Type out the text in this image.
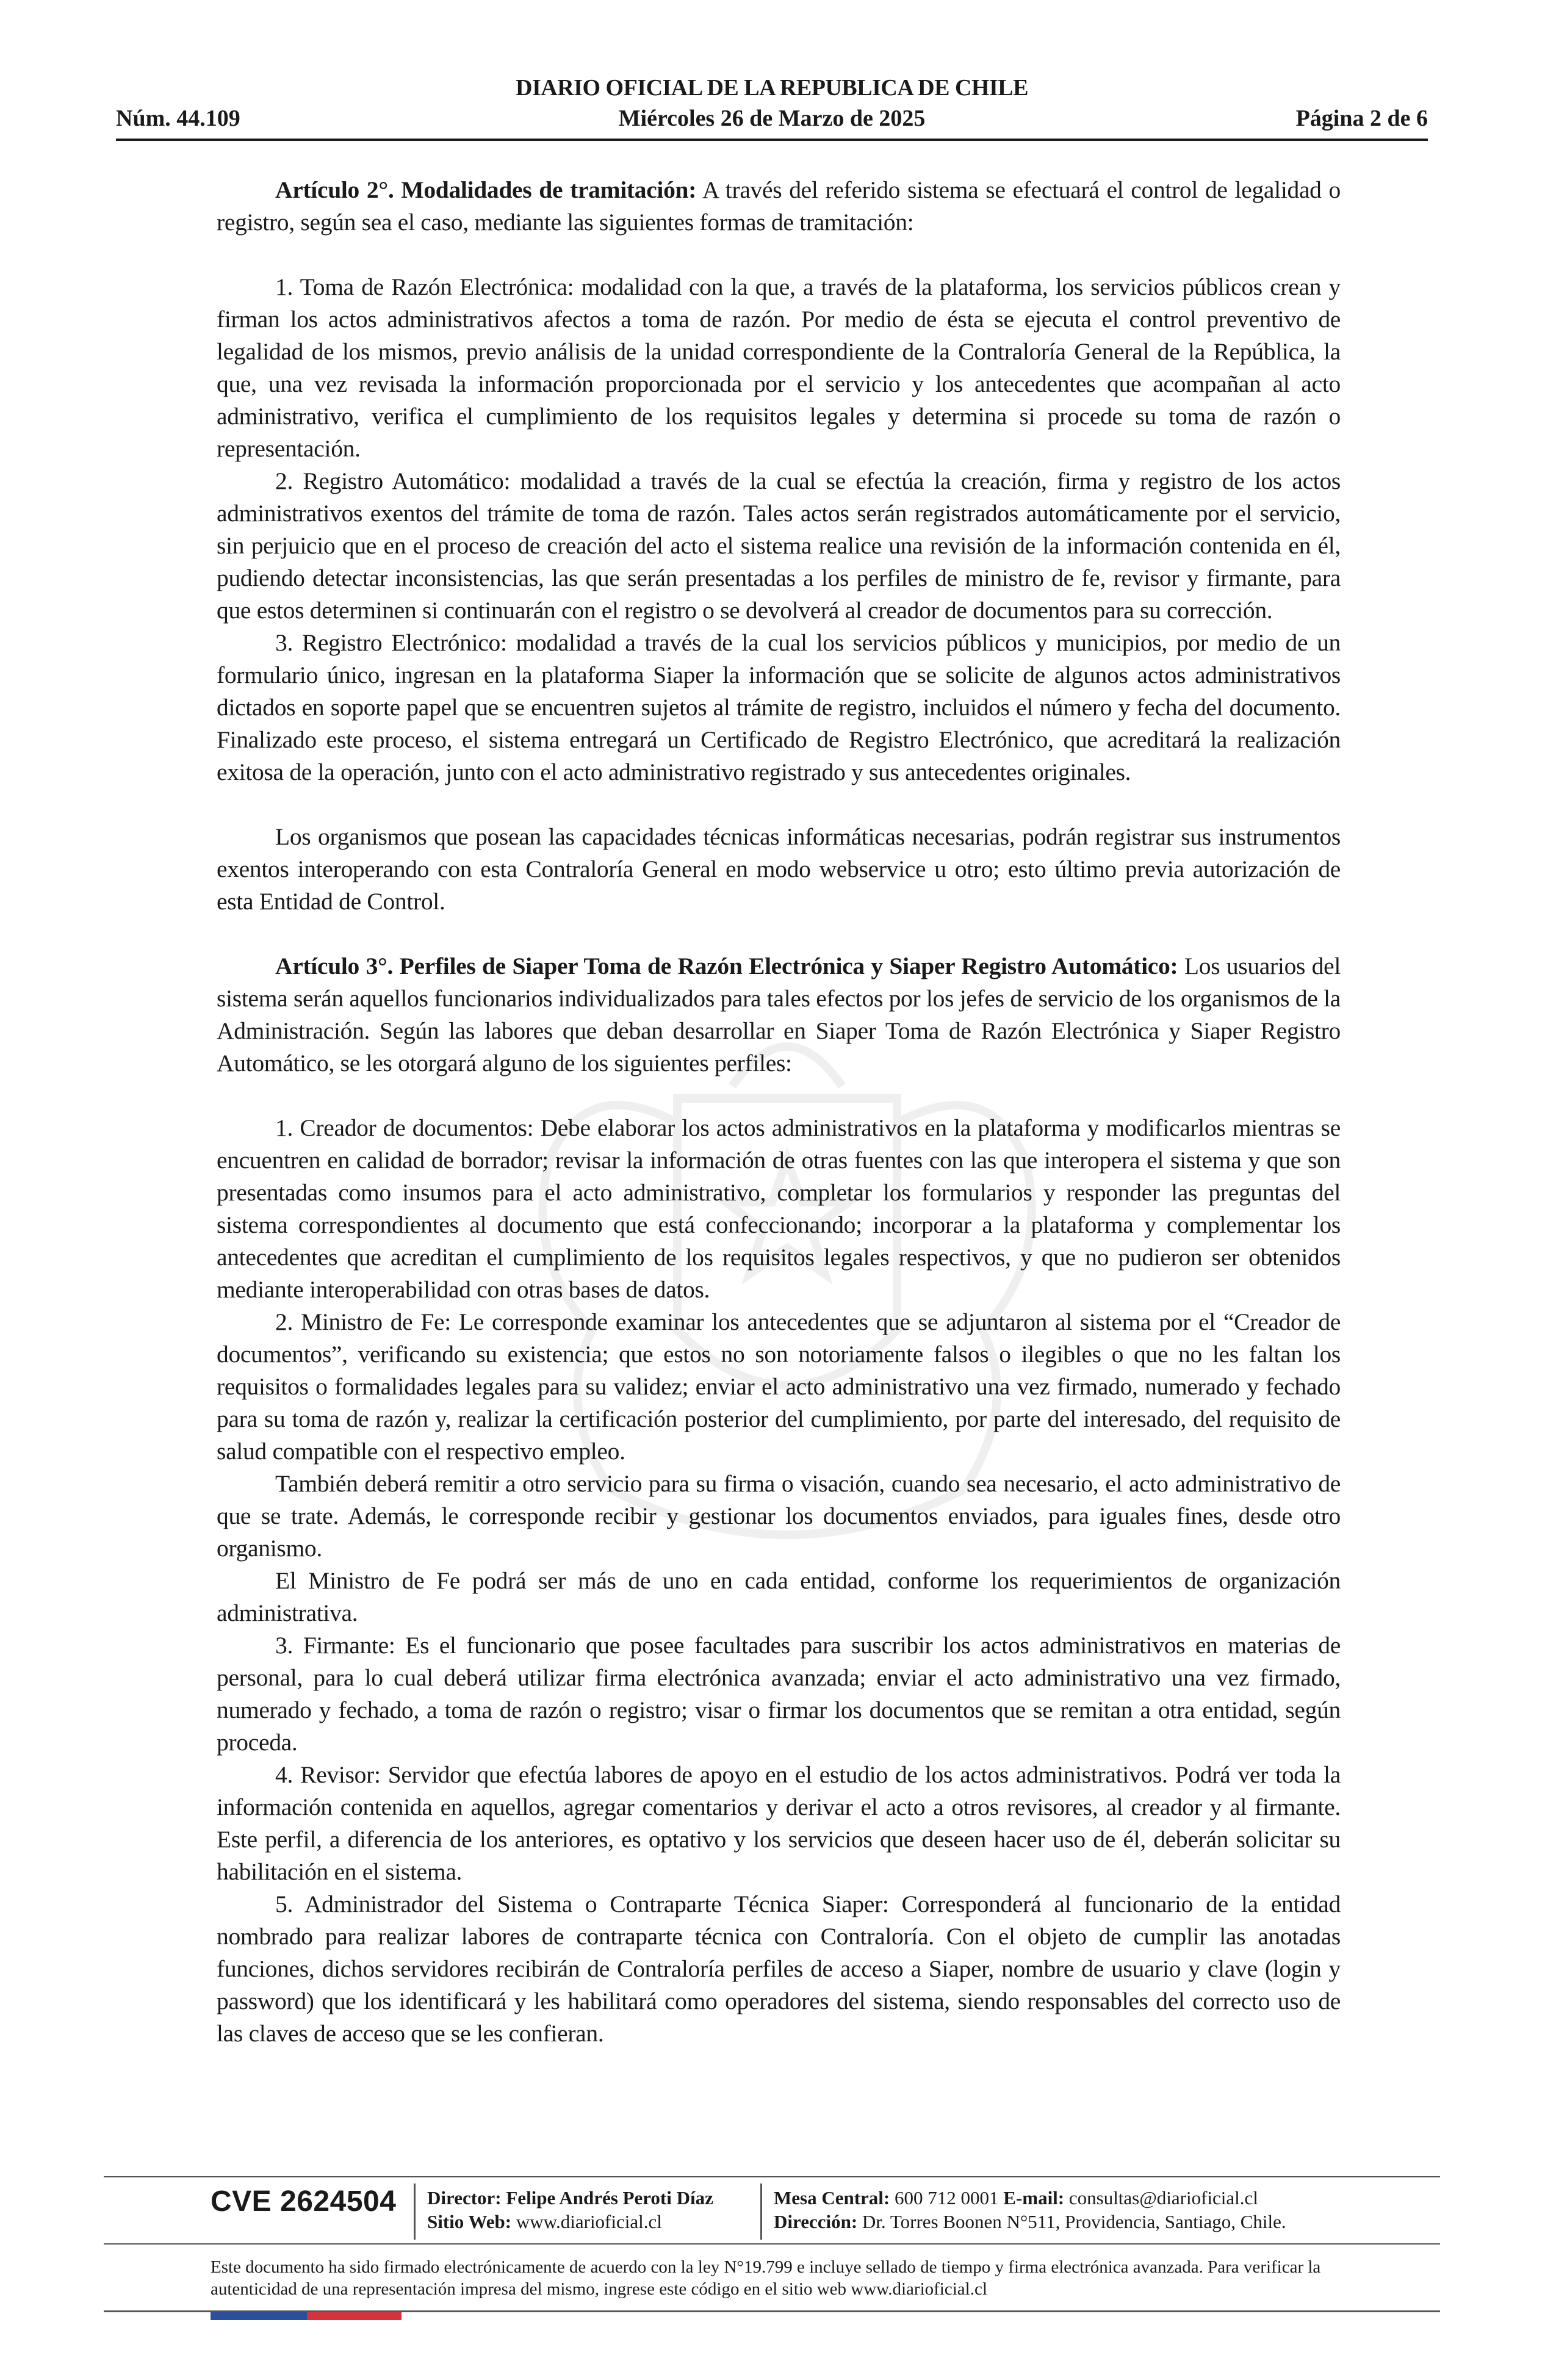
DIARIO OFICIAL DE LA REPUBLICA DE CHILE
Núm. 44.109	Miércoles 26 de Marzo de 2025	Página 2 de 6

Artículo 2°. Modalidades de tramitación: A través del referido sistema se efectuará el control de legalidad o registro, según sea el caso, mediante las siguientes formas de tramitación:

1. Toma de Razón Electrónica: modalidad con la que, a través de la plataforma, los servicios públicos crean y firman los actos administrativos afectos a toma de razón. Por medio de ésta se ejecuta el control preventivo de legalidad de los mismos, previo análisis de la unidad correspondiente de la Contraloría General de la República, la que, una vez revisada la información proporcionada por el servicio y los antecedentes que acompañan al acto administrativo, verifica el cumplimiento de los requisitos legales y determina si procede su toma de razón o representación.

2. Registro Automático: modalidad a través de la cual se efectúa la creación, firma y registro de los actos administrativos exentos del trámite de toma de razón. Tales actos serán registrados automáticamente por el servicio, sin perjuicio que en el proceso de creación del acto el sistema realice una revisión de la información contenida en él, pudiendo detectar inconsistencias, las que serán presentadas a los perfiles de ministro de fe, revisor y firmante, para que estos determinen si continuarán con el registro o se devolverá al creador de documentos para su corrección.

3. Registro Electrónico: modalidad a través de la cual los servicios públicos y municipios, por medio de un formulario único, ingresan en la plataforma Siaper la información que se solicite de algunos actos administrativos dictados en soporte papel que se encuentren sujetos al trámite de registro, incluidos el número y fecha del documento. Finalizado este proceso, el sistema entregará un Certificado de Registro Electrónico, que acreditará la realización exitosa de la operación, junto con el acto administrativo registrado y sus antecedentes originales.

Los organismos que posean las capacidades técnicas informáticas necesarias, podrán registrar sus instrumentos exentos interoperando con esta Contraloría General en modo webservice u otro; esto último previa autorización de esta Entidad de Control.

Artículo 3°. Perfiles de Siaper Toma de Razón Electrónica y Siaper Registro Automático: Los usuarios del sistema serán aquellos funcionarios individualizados para tales efectos por los jefes de servicio de los organismos de la Administración. Según las labores que deban desarrollar en Siaper Toma de Razón Electrónica y Siaper Registro Automático, se les otorgará alguno de los siguientes perfiles:

1. Creador de documentos: Debe elaborar los actos administrativos en la plataforma y modificarlos mientras se encuentren en calidad de borrador; revisar la información de otras fuentes con las que interopera el sistema y que son presentadas como insumos para el acto administrativo, completar los formularios y responder las preguntas del sistema correspondientes al documento que está confeccionando; incorporar a la plataforma y complementar los antecedentes que acreditan el cumplimiento de los requisitos legales respectivos, y que no pudieron ser obtenidos mediante interoperabilidad con otras bases de datos.

2. Ministro de Fe: Le corresponde examinar los antecedentes que se adjuntaron al sistema por el “Creador de documentos”, verificando su existencia; que estos no son notoriamente falsos o ilegibles o que no les faltan los requisitos o formalidades legales para su validez; enviar el acto administrativo una vez firmado, numerado y fechado para su toma de razón y, realizar la certificación posterior del cumplimiento, por parte del interesado, del requisito de salud compatible con el respectivo empleo.

También deberá remitir a otro servicio para su firma o visación, cuando sea necesario, el acto administrativo de que se trate. Además, le corresponde recibir y gestionar los documentos enviados, para iguales fines, desde otro organismo.

El Ministro de Fe podrá ser más de uno en cada entidad, conforme los requerimientos de organización administrativa.

3. Firmante: Es el funcionario que posee facultades para suscribir los actos administrativos en materias de personal, para lo cual deberá utilizar firma electrónica avanzada; enviar el acto administrativo una vez firmado, numerado y fechado, a toma de razón o registro; visar o firmar los documentos que se remitan a otra entidad, según proceda.

4. Revisor: Servidor que efectúa labores de apoyo en el estudio de los actos administrativos. Podrá ver toda la información contenida en aquellos, agregar comentarios y derivar el acto a otros revisores, al creador y al firmante. Este perfil, a diferencia de los anteriores, es optativo y los servicios que deseen hacer uso de él, deberán solicitar su habilitación en el sistema.

5. Administrador del Sistema o Contraparte Técnica Siaper: Corresponderá al funcionario de la entidad nombrado para realizar labores de contraparte técnica con Contraloría. Con el objeto de cumplir las anotadas funciones, dichos servidores recibirán de Contraloría perfiles de acceso a Siaper, nombre de usuario y clave (login y password) que los identificará y les habilitará como operadores del sistema, siendo responsables del correcto uso de las claves de acceso que se les confieran.

CVE 2624504 Director: Felipe Andrés Peroti Díaz
Sitio Web: www.diarioficial.cl
Mesa Central: 600 712 0001 E-mail: consultas@diarioficial.cl
Dirección: Dr. Torres Boonen N°511, Providencia, Santiago, Chile.
Este documento ha sido firmado electrónicamente de acuerdo con la ley N°19.799 e incluye sellado de tiempo y firma electrónica avanzada. Para verificar la autenticidad de una representación impresa del mismo, ingrese este código en el sitio web www.diarioficial.cl
